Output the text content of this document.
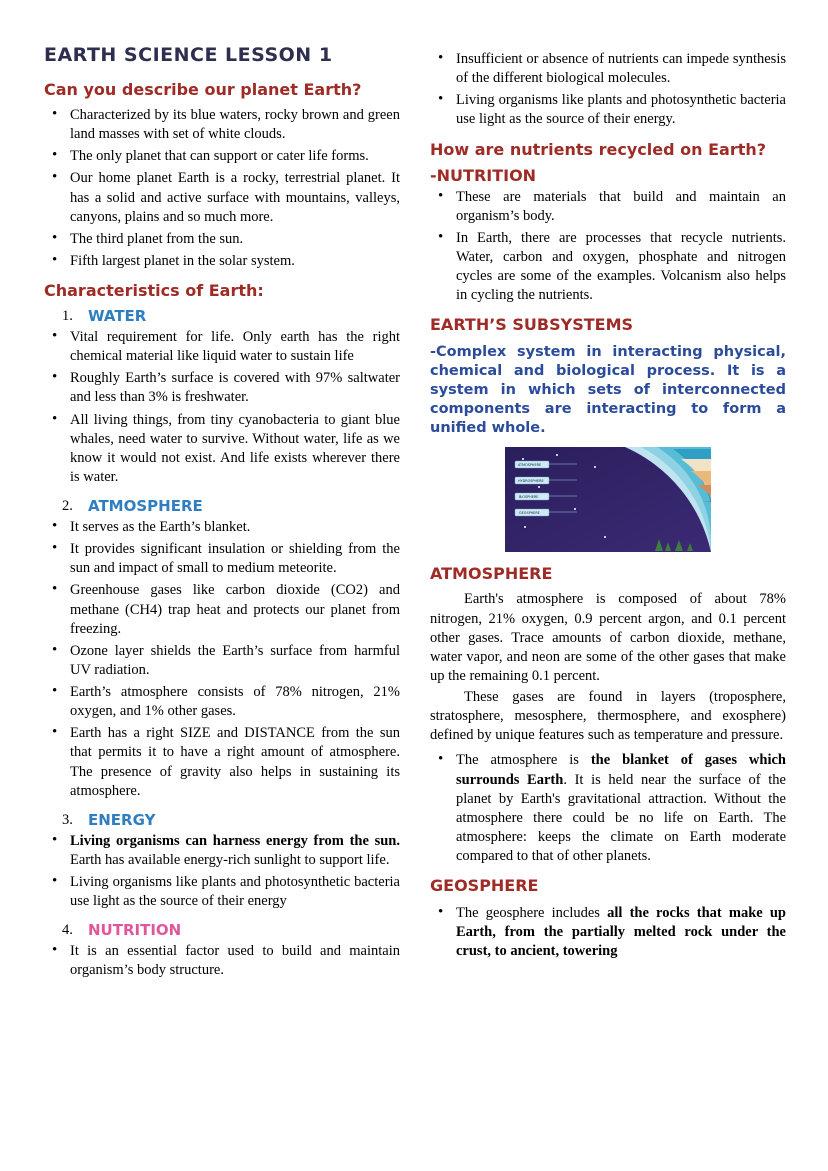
EARTH SCIENCE LESSON 1
Can you describe our planet Earth?
• Characterized by its blue waters, rocky brown and green land masses with set of white clouds.
• The only planet that can support or cater life forms.
• Our home planet Earth is a rocky, terrestrial planet. It has a solid and active surface with mountains, valleys, canyons, plains and so much more.
• The third planet from the sun.
• Fifth largest planet in the solar system.
Characteristics of Earth:
WATER
• Vital requirement for life. Only earth has the right chemical material like liquid water to sustain life
• Roughly Earth’s surface is covered with 97% saltwater and less than 3% is freshwater.
• All living things, from tiny cyanobacteria to giant blue whales, need water to survive. Without water, life as we know it would not exist. And life exists wherever there is water.
ATMOSPHERE
• It serves as the Earth’s blanket.
• It provides significant insulation or shielding from the sun and impact of small to medium meteorite.
• Greenhouse gases like carbon dioxide (CO2) and methane (CH4) trap heat and protects our planet from freezing.
• Ozone layer shields the Earth’s surface from harmful UV radiation.
• Earth’s atmosphere consists of 78% nitrogen, 21% oxygen, and 1% other gases.
• Earth has a right SIZE and DISTANCE from the sun that permits it to have a right amount of atmosphere. The presence of gravity also helps in sustaining its atmosphere.
ENERGY
• Living organisms can harness energy from the sun. Earth has available energy-rich sunlight to support life.
• Living organisms like plants and photosynthetic bacteria use light as the source of their energy
NUTRITION
• It is an essential factor used to build and maintain organism’s body structure.
• Insufficient or absence of nutrients can impede synthesis of the different biological molecules.
• Living organisms like plants and photosynthetic bacteria use light as the source of their energy.
How are nutrients recycled on Earth?
-NUTRITION
• These are materials that build and maintain an organism’s body.
• In Earth, there are processes that recycle nutrients. Water, carbon and oxygen, phosphate and nitrogen cycles are some of the examples. Volcanism also helps in cycling the nutrients.
EARTH’S SUBSYSTEMS
-Complex system in interacting physical, chemical and biological process. It is a system in which sets of interconnected components are interacting to form a unified whole.
ATMOSPHERE
HYDROSPHERE
BIOSPHERE
GEOSPHERE
ATMOSPHERE
Earth's atmosphere is composed of about 78% nitrogen, 21% oxygen, 0.9 percent argon, and 0.1 percent other gases. Trace amounts of carbon dioxide, methane, water vapor, and neon are some of the other gases that make up the remaining 0.1 percent.
These gases are found in layers (troposphere, stratosphere, mesosphere, thermosphere, and exosphere) defined by unique features such as temperature and pressure.
• The atmosphere is the blanket of gases which surrounds Earth. It is held near the surface of the planet by Earth's gravitational attraction. Without the atmosphere there could be no life on Earth. The atmosphere: keeps the climate on Earth moderate compared to that of other planets.
GEOSPHERE
• The geosphere includes all the rocks that make up Earth, from the partially melted rock under the crust, to ancient, towering
